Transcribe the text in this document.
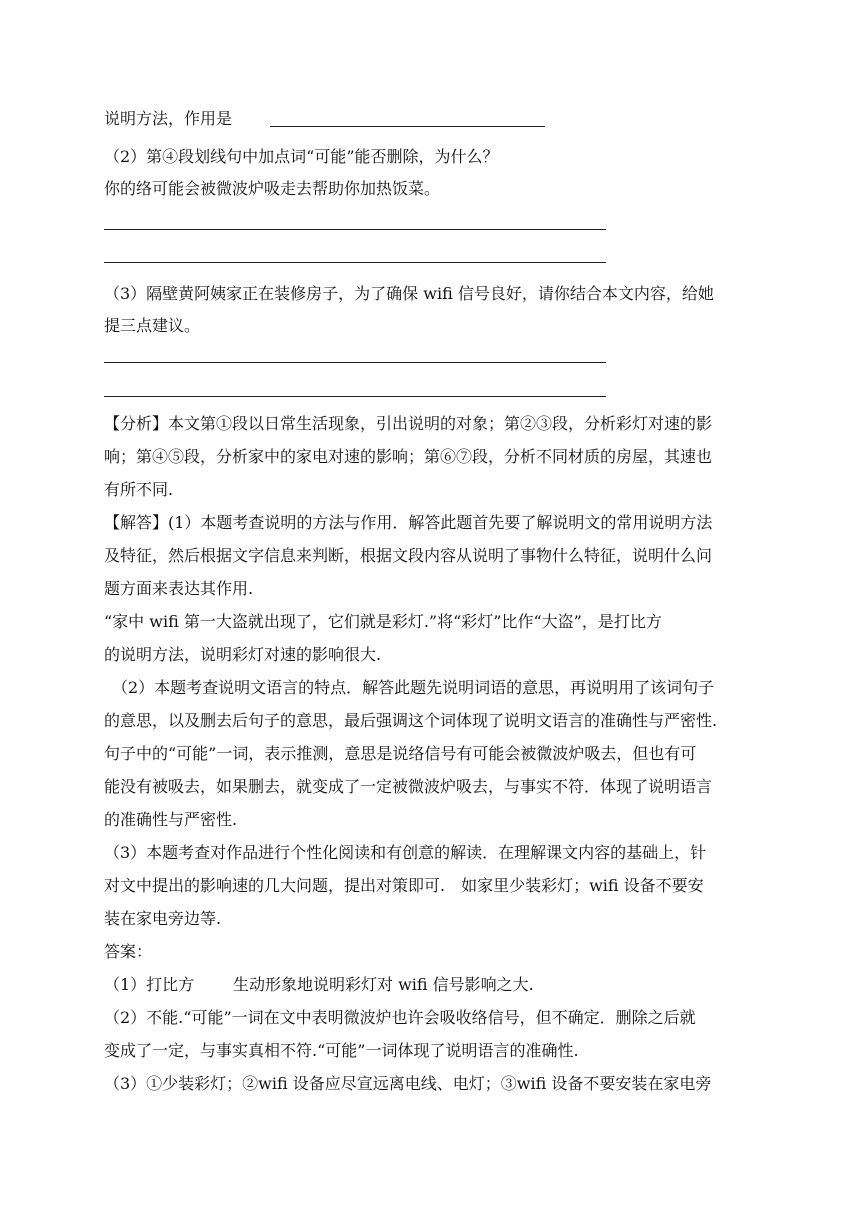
说明方法，作用是
（2）第④段划线句中加点词“可能”能否删除，为什么？
你的络可能会被微波炉吸走去帮助你加热饭菜。
（3）隔壁黄阿姨家正在装修房子，为了确保 wifi 信号良好，请你结合本文内容，给她
提三点建议。
【分析】本文第①段以日常生活现象，引出说明的对象；第②③段，分析彩灯对速的影
响；第④⑤段，分析家中的家电对速的影响；第⑥⑦段，分析不同材质的房屋，其速也
有所不同.
【解答】(1）本题考查说明的方法与作用．解答此题首先要了解说明文的常用说明方法
及特征，然后根据文字信息来判断，根据文段内容从说明了事物什么特征，说明什么问
题方面来表达其作用.
“家中 wifi 第一大盗就出现了，它们就是彩灯.”将“彩灯”比作“大盗”，是打比方
的说明方法，说明彩灯对速的影响很大.
（2）本题考查说明文语言的特点．解答此题先说明词语的意思，再说明用了该词句子
的意思，以及删去后句子的意思，最后强调这个词体现了说明文语言的准确性与严密性.
句子中的“可能”一词，表示推测，意思是说络信号有可能会被微波炉吸去，但也有可
能没有被吸去，如果删去，就变成了一定被微波炉吸去，与事实不符．体现了说明语言
的准确性与严密性.
（3）本题考查对作品进行个性化阅读和有创意的解读．在理解课文内容的基础上，针
对文中提出的影响速的几大问题，提出对策即可.　如家里少装彩灯；wifi 设备不要安
装在家电旁边等.
答案：
（1）打比方 生动形象地说明彩灯对 wifi 信号影响之大.
（2）不能.“可能”一词在文中表明微波炉也许会吸收络信号，但不确定．删除之后就
变成了一定，与事实真相不符.“可能”一词体现了说明语言的准确性.
（3）①少装彩灯；②wifi 设备应尽宣远离电线、电灯；③wifi 设备不要安装在家电旁
